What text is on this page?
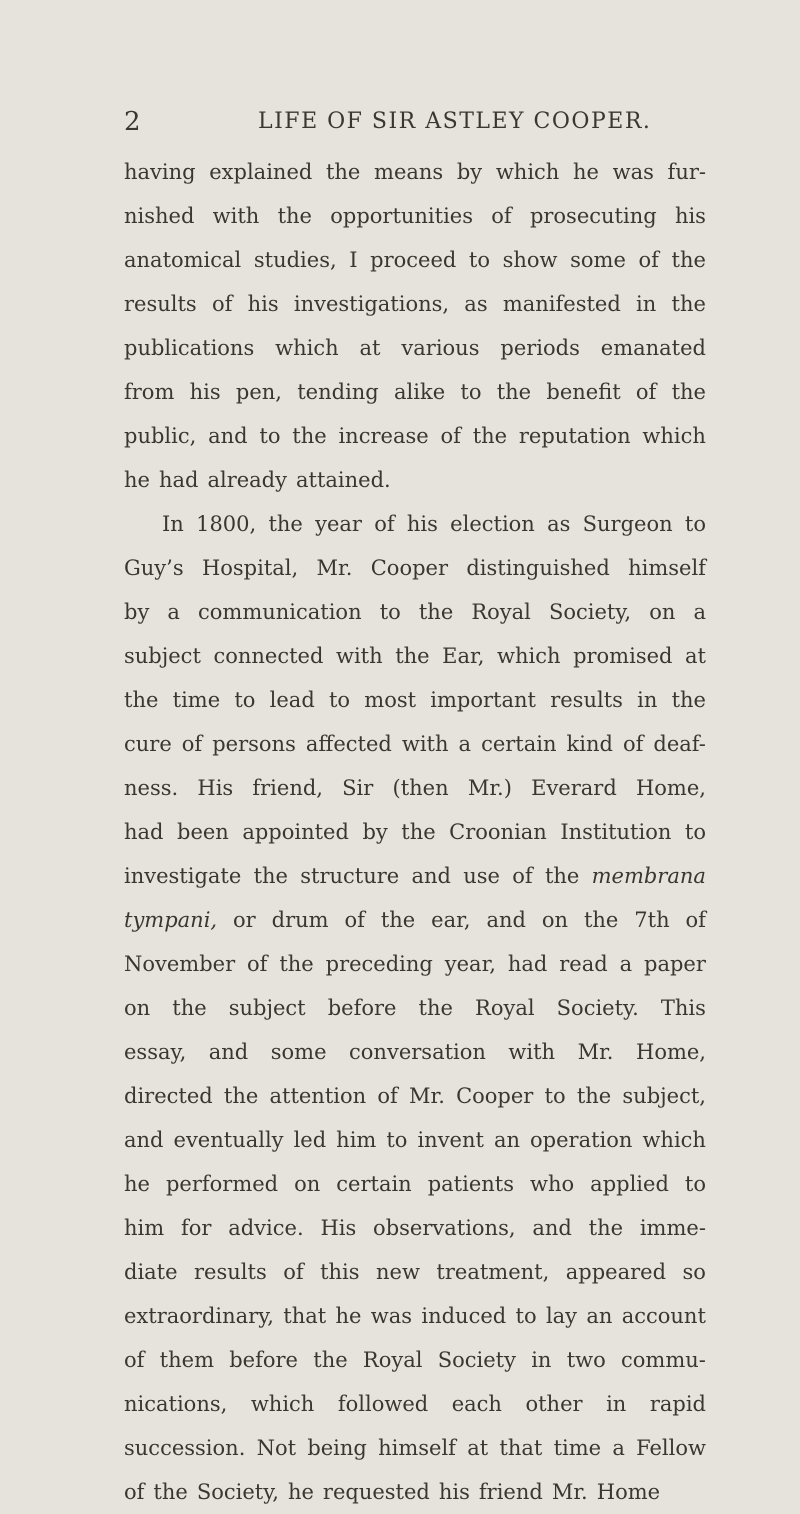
2	LIFE OF SIR ASTLEY COOPER.
having explained the means by which he was fur-
nished with the opportunities of prosecuting his
anatomical studies, I proceed to show some of the
results of his investigations, as manifested in the
publications which at various periods emanated
from his pen, tending alike to the benefit of the
public, and to the increase of the reputation which
he had already attained.
In 1800, the year of his election as Surgeon to
Guy’s Hospital, Mr. Cooper distinguished himself
by a communication to the Royal Society, on a
subject connected with the Ear, which promised at
the time to lead to most important results in the
cure of persons affected with a certain kind of deaf-
ness. His friend, Sir (then Mr.) Everard Home,
had been appointed by the Croonian Institution to
investigate the structure and use of the membrana
tympani, or drum of the ear, and on the 7th of
November of the preceding year, had read a paper
on the subject before the Royal Society. This
essay, and some conversation with Mr. Home,
directed the attention of Mr. Cooper to the subject,
and eventually led him to invent an operation which
he performed on certain patients who applied to
him for advice. His observations, and the imme-
diate results of this new treatment, appeared so
extraordinary, that he was induced to lay an account
of them before the Royal Society in two commu-
nications, which followed each other in rapid
succession. Not being himself at that time a Fellow
of the Society, he requested his friend Mr. Home
